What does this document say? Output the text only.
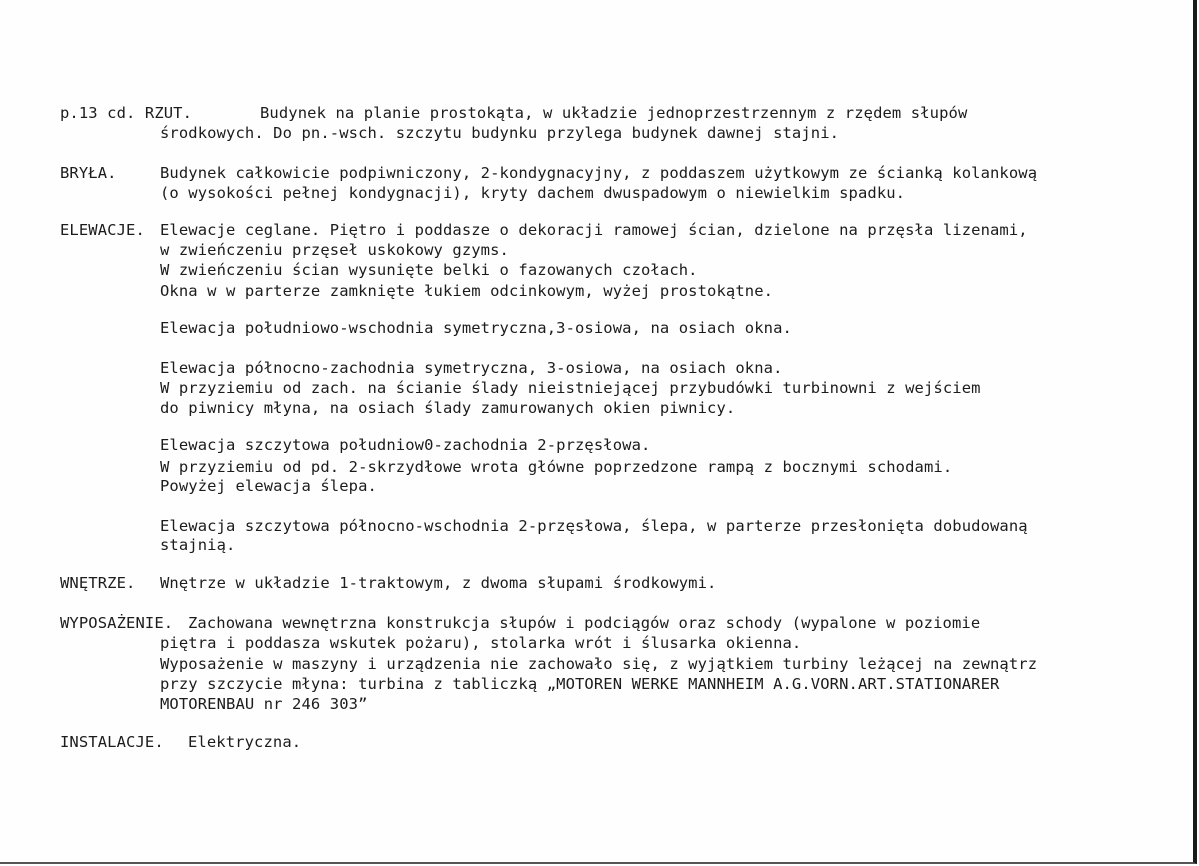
p.13 cd. RZUT.	Budynek na planie prostokąta, w układzie jednoprzestrzennym z rzędem słupów
środkowych. Do pn.-wsch. szczytu budynku przylega budynek dawnej stajni.
BRYŁA.	Budynek całkowicie podpiwniczony, 2-kondygnacyjny, z poddaszem użytkowym ze ścianką kolankową
(o wysokości pełnej kondygnacji), kryty dachem dwuspadowym o niewielkim spadku.
ELEWACJE. Elewacje ceglane. Piętro i poddasze o dekoracji ramowej ścian, dzielone na przęsła lizenami,
w zwieńczeniu przęseł uskokowy gzyms.
W zwieńczeniu ścian wysunięte belki o fazowanych czołach.
Okna w w parterze zamknięte łukiem odcinkowym, wyżej prostokątne.
Elewacja południowo-wschodnia symetryczna,3-osiowa, na osiach okna.
Elewacja północno-zachodnia symetryczna, 3-osiowa, na osiach okna.
W przyziemiu od zach. na ścianie ślady nieistniejącej przybudówki turbinowni z wejściem
do piwnicy młyna, na osiach ślady zamurowanych okien piwnicy.
Elewacja szczytowa południow0-zachodnia 2-przęsłowa.
W przyziemiu od pd. 2-skrzydłowe wrota główne poprzedzone rampą z bocznymi schodami.
Powyżej elewacja ślepa.
Elewacja szczytowa północno-wschodnia 2-przęsłowa, ślepa, w parterze przesłonięta dobudowaną
stajnią.
WNĘTRZE. Wnętrze w układzie 1-traktowym, z dwoma słupami środkowymi.
WYPOSAŻENIE. Zachowana wewnętrzna konstrukcja słupów i podciągów oraz schody (wypalone w poziomie
piętra i poddasza wskutek pożaru), stolarka wrót i ślusarka okienna.
Wyposażenie w maszyny i urządzenia nie zachowało się, z wyjątkiem turbiny leżącej na zewnątrz
przy szczycie młyna: turbina z tabliczką „MOTOREN WERKE MANNHEIM A.G.VORN.ART.STATIONARER
MOTORENBAU nr 246 303”
INSTALACJE. Elektryczna.
